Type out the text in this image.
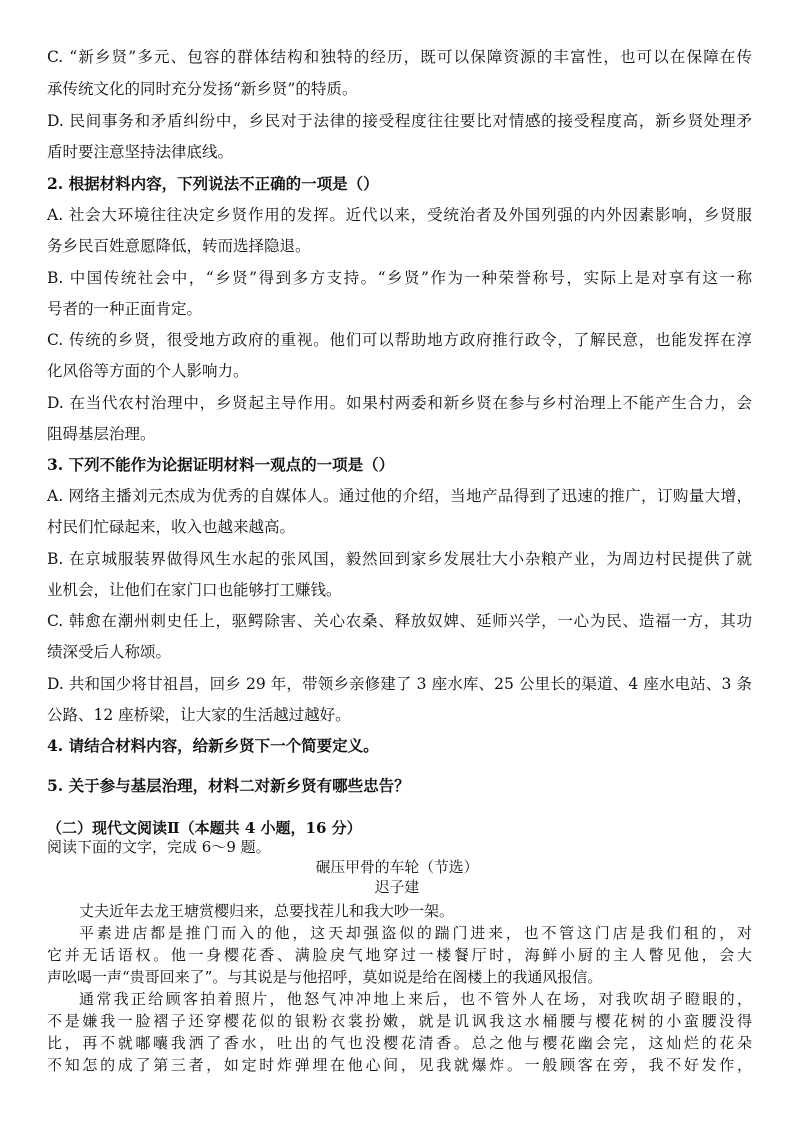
C. “新乡贤”多元、包容的群体结构和独特的经历，既可以保障资源的丰富性，也可以在保障在传
承传统文化的同时充分发扬“新乡贤”的特质。
D. 民间事务和矛盾纠纷中，乡民对于法律的接受程度往往要比对情感的接受程度高，新乡贤处理矛
盾时要注意坚持法律底线。
2. 根据材料内容，下列说法不正确的一项是（）
A. 社会大环境往往决定乡贤作用的发挥。近代以来，受统治者及外国列强的内外因素影响，乡贤服
务乡民百姓意愿降低，转而选择隐退。
B. 中国传统社会中，“乡贤”得到多方支持。“乡贤”作为一种荣誉称号，实际上是对享有这一称
号者的一种正面肯定。
C. 传统的乡贤，很受地方政府的重视。他们可以帮助地方政府推行政令，了解民意，也能发挥在淳
化风俗等方面的个人影响力。
D. 在当代农村治理中，乡贤起主导作用。如果村两委和新乡贤在参与乡村治理上不能产生合力，会
阻碍基层治理。
3. 下列不能作为论据证明材料一观点的一项是（）
A. 网络主播刘元杰成为优秀的自媒体人。通过他的介绍，当地产品得到了迅速的推广，订购量大增，
村民们忙碌起来，收入也越来越高。
B. 在京城服装界做得风生水起的张风国，毅然回到家乡发展壮大小杂粮产业，为周边村民提供了就
业机会，让他们在家门口也能够打工赚钱。
C. 韩愈在潮州刺史任上，驱鳄除害、关心农桑、释放奴婢、延师兴学，一心为民、造福一方，其功
绩深受后人称颂。
D. 共和国少将甘祖昌，回乡 29 年，带领乡亲修建了 3 座水库、25 公里长的渠道、4 座水电站、3 条
公路、12 座桥梁，让大家的生活越过越好。
4. 请结合材料内容，给新乡贤下一个简要定义。
5. 关于参与基层治理，材料二对新乡贤有哪些忠告？
（二）现代文阅读Ⅱ（本题共 4 小题，16 分）
阅读下面的文字，完成 6～9 题。
碾压甲骨的车轮（节选）
迟子建
丈夫近年去龙王塘赏樱归来，总要找茬儿和我大吵一架。
平素进店都是推门而入的他，这天却强盗似的踹门进来，也不管这门店是我们租的，对
它并无话语权。他一身樱花香、满脸戾气地穿过一楼餐厅时，海鲜小厨的主人瞥见他，会大
声吆喝一声“贵哥回来了”。与其说是与他招呼，莫如说是给在阁楼上的我通风报信。
通常我正给顾客拍着照片，他怒气冲冲地上来后，也不管外人在场，对我吹胡子瞪眼的，
不是嫌我一脸褶子还穿樱花似的银粉衣裳扮嫩，就是讥讽我这水桶腰与樱花树的小蛮腰没得
比，再不就嘟囔我洒了香水，吐出的气也没樱花清香。总之他与樱花幽会完，这灿烂的花朵
不知怎的成了第三者，如定时炸弹埋在他心间，见我就爆炸。一般顾客在旁，我不好发作，
